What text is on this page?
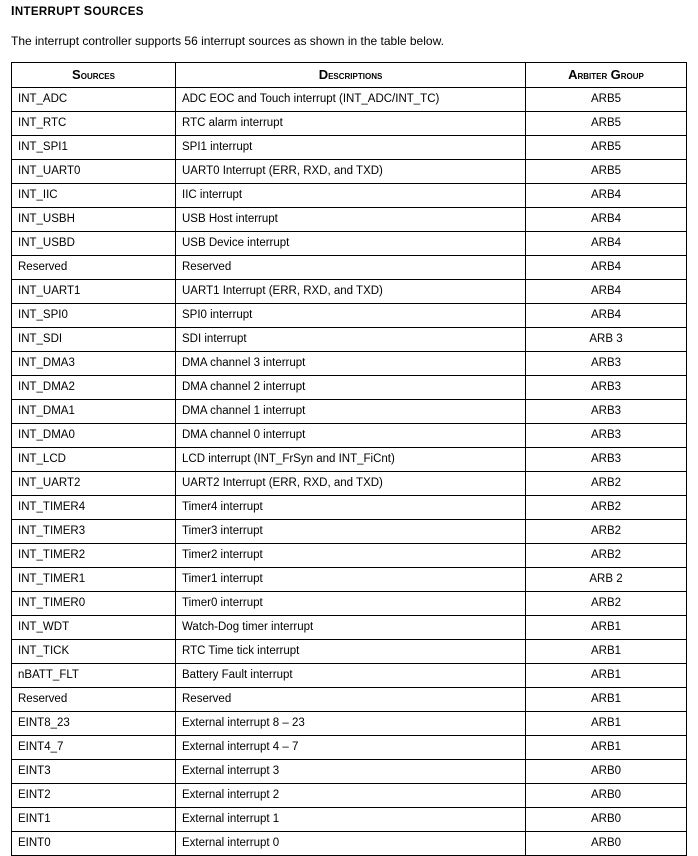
INTERRUPT SOURCES
The interrupt controller supports 56 interrupt sources as shown in the table below.
Sources	Descriptions	Arbiter Group
INT_ADC	ADC EOC and Touch interrupt (INT_ADC/INT_TC)	ARB5
INT_RTC	RTC alarm interrupt	ARB5
INT_SPI1	SPI1 interrupt	ARB5
INT_UART0	UART0 Interrupt (ERR, RXD, and TXD)	ARB5
INT_IIC	IIC interrupt	ARB4
INT_USBH	USB Host interrupt	ARB4
INT_USBD	USB Device interrupt	ARB4
Reserved	Reserved	ARB4
INT_UART1	UART1 Interrupt (ERR, RXD, and TXD)	ARB4
INT_SPI0	SPI0 interrupt	ARB4
INT_SDI	SDI interrupt	ARB 3
INT_DMA3	DMA channel 3 interrupt	ARB3
INT_DMA2	DMA channel 2 interrupt	ARB3
INT_DMA1	DMA channel 1 interrupt	ARB3
INT_DMA0	DMA channel 0 interrupt	ARB3
INT_LCD	LCD interrupt (INT_FrSyn and INT_FiCnt)	ARB3
INT_UART2	UART2 Interrupt (ERR, RXD, and TXD)	ARB2
INT_TIMER4	Timer4 interrupt	ARB2
INT_TIMER3	Timer3 interrupt	ARB2
INT_TIMER2	Timer2 interrupt	ARB2
INT_TIMER1	Timer1 interrupt	ARB 2
INT_TIMER0	Timer0 interrupt	ARB2
INT_WDT	Watch-Dog timer interrupt	ARB1
INT_TICK	RTC Time tick interrupt	ARB1
nBATT_FLT	Battery Fault interrupt	ARB1
Reserved	Reserved	ARB1
EINT8_23	External interrupt 8 – 23	ARB1
EINT4_7	External interrupt 4 – 7	ARB1
EINT3	External interrupt 3	ARB0
EINT2	External interrupt 2	ARB0
EINT1	External interrupt 1	ARB0
EINT0	External interrupt 0	ARB0
